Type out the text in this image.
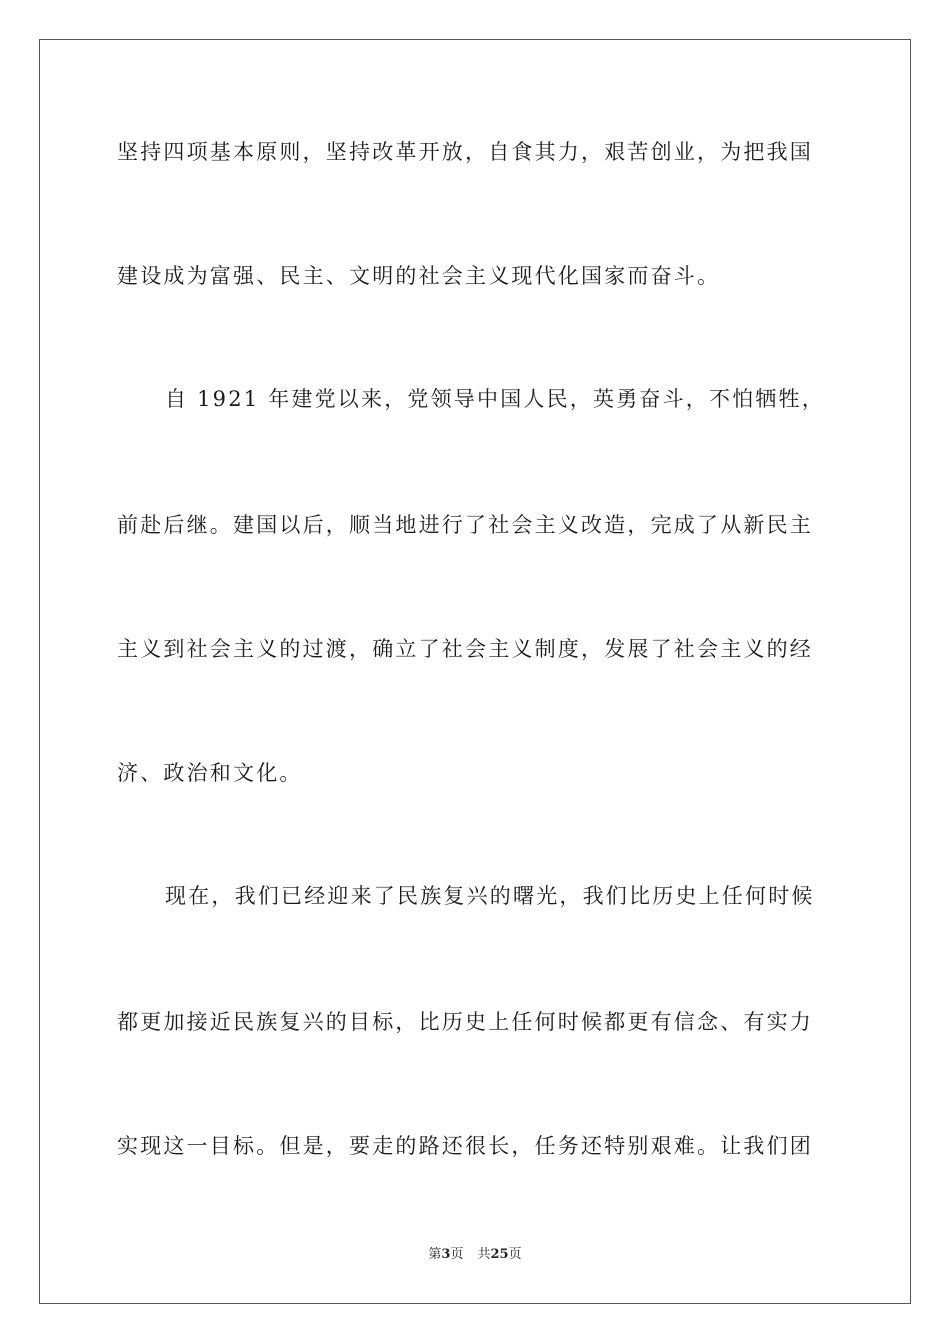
坚持四项基本原则，坚持改革开放，自食其力，艰苦创业，为把我国
建设成为富强、民主、文明的社会主义现代化国家而奋斗。
自 1921 年建党以来，党领导中国人民，英勇奋斗，不怕牺牲，
前赴后继。建国以后，顺当地进行了社会主义改造，完成了从新民主
主义到社会主义的过渡，确立了社会主义制度，发展了社会主义的经
济、政治和文化。
现在，我们已经迎来了民族复兴的曙光，我们比历史上任何时候
都更加接近民族复兴的目标，比历史上任何时候都更有信念、有实力
实现这一目标。但是，要走的路还很长，任务还特别艰难。让我们团
第3页 共25页
